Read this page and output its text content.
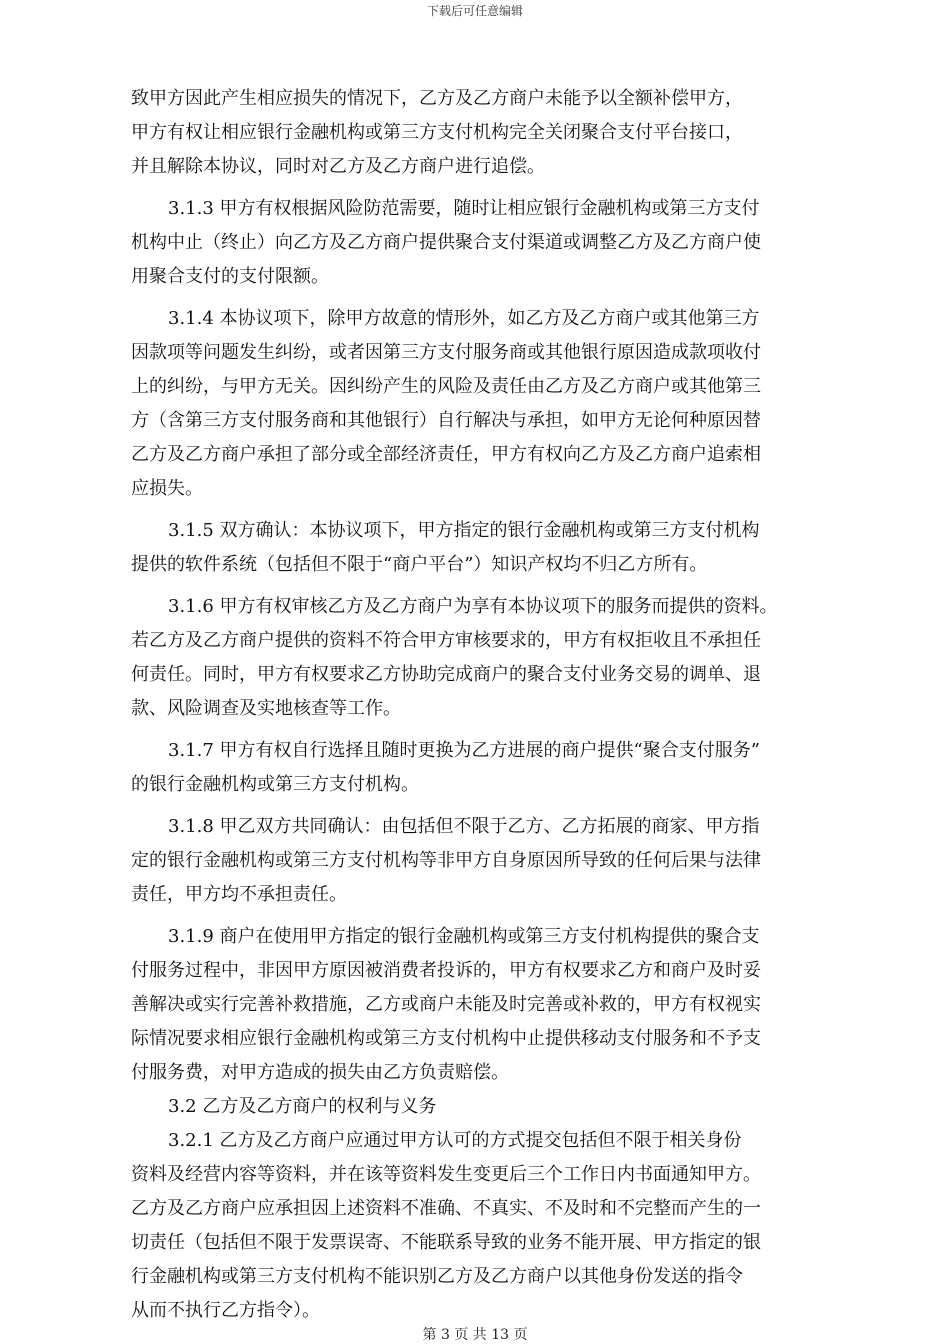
下载后可任意编辑
致甲方因此产生相应损失的情况下，乙方及乙方商户未能予以全额补偿甲方，
甲方有权让相应银行金融机构或第三方支付机构完全关闭聚合支付平台接口，
并且解除本协议，同时对乙方及乙方商户进行追偿。
3.1.3 甲方有权根据风险防范需要，随时让相应银行金融机构或第三方支付
机构中止（终止）向乙方及乙方商户提供聚合支付渠道或调整乙方及乙方商户使
用聚合支付的支付限额。
3.1.4 本协议项下，除甲方故意的情形外，如乙方及乙方商户或其他第三方
因款项等问题发生纠纷，或者因第三方支付服务商或其他银行原因造成款项收付
上的纠纷，与甲方无关。因纠纷产生的风险及责任由乙方及乙方商户或其他第三
方（含第三方支付服务商和其他银行）自行解决与承担，如甲方无论何种原因替
乙方及乙方商户承担了部分或全部经济责任，甲方有权向乙方及乙方商户追索相
应损失。
3.1.5 双方确认：本协议项下，甲方指定的银行金融机构或第三方支付机构
提供的软件系统（包括但不限于“商户平台”）知识产权均不归乙方所有。
3.1.6 甲方有权审核乙方及乙方商户为享有本协议项下的服务而提供的资料。
若乙方及乙方商户提供的资料不符合甲方审核要求的，甲方有权拒收且不承担任
何责任。同时，甲方有权要求乙方协助完成商户的聚合支付业务交易的调单、退
款、风险调查及实地核查等工作。
3.1.7 甲方有权自行选择且随时更换为乙方进展的商户提供“聚合支付服务”
的银行金融机构或第三方支付机构。
3.1.8 甲乙双方共同确认：由包括但不限于乙方、乙方拓展的商家、甲方指
定的银行金融机构或第三方支付机构等非甲方自身原因所导致的任何后果与法律
责任，甲方均不承担责任。
3.1.9 商户在使用甲方指定的银行金融机构或第三方支付机构提供的聚合支
付服务过程中，非因甲方原因被消费者投诉的，甲方有权要求乙方和商户及时妥
善解决或实行完善补救措施，乙方或商户未能及时完善或补救的，甲方有权视实
际情况要求相应银行金融机构或第三方支付机构中止提供移动支付服务和不予支
付服务费，对甲方造成的损失由乙方负责赔偿。
3.2 乙方及乙方商户的权利与义务
3.2.1 乙方及乙方商户应通过甲方认可的方式提交包括但不限于相关身份
资料及经营内容等资料，并在该等资料发生变更后三个工作日内书面通知甲方。
乙方及乙方商户应承担因上述资料不准确、不真实、不及时和不完整而产生的一
切责任（包括但不限于发票误寄、不能联系导致的业务不能开展、甲方指定的银
行金融机构或第三方支付机构不能识别乙方及乙方商户以其他身份发送的指令
从而不执行乙方指令）。
第 3 页 共 13 页
